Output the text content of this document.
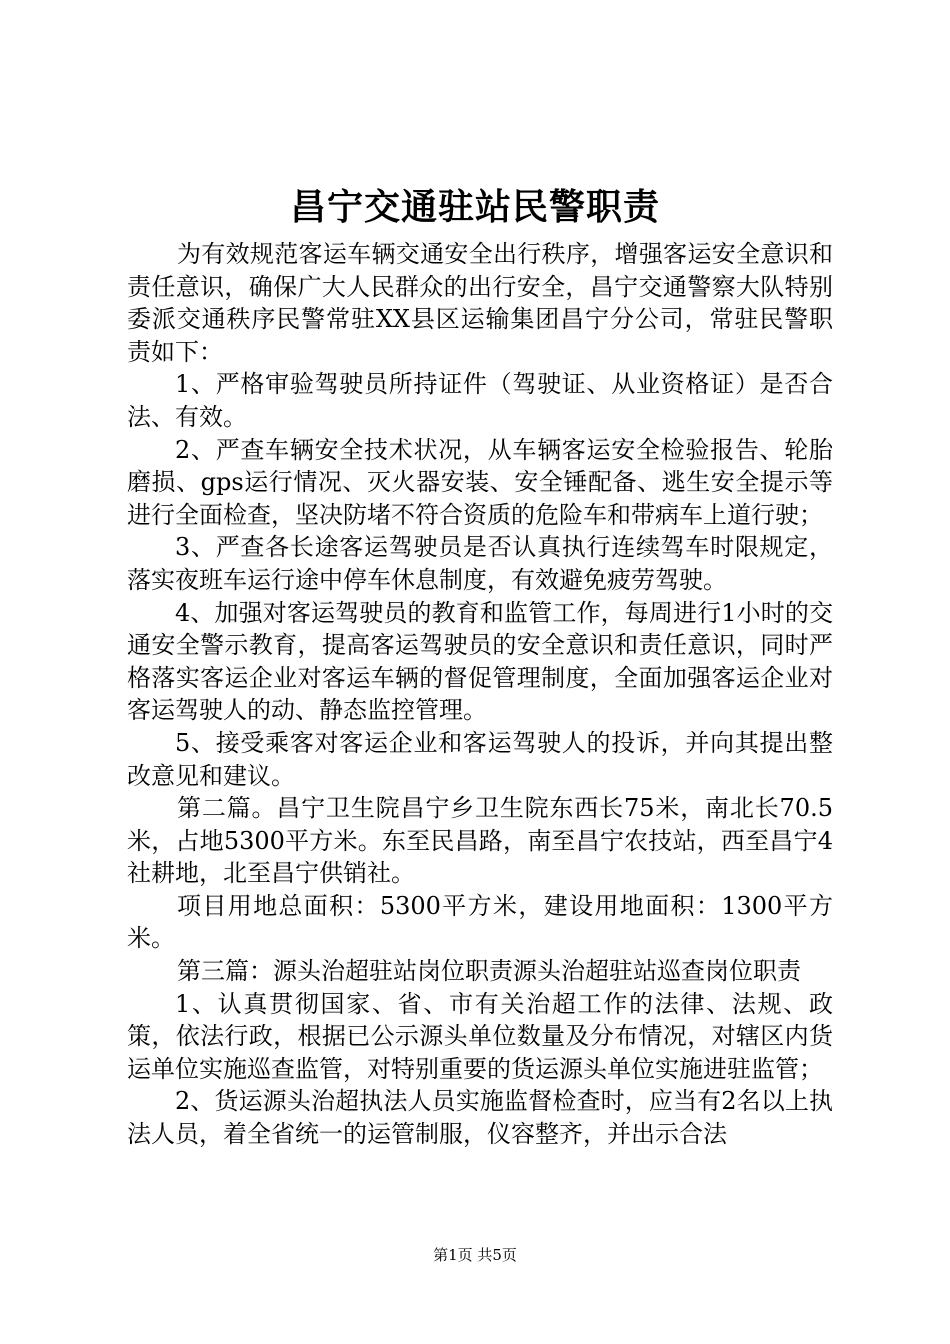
昌宁交通驻站民警职责

为有效规范客运车辆交通安全出行秩序，增强客运安全意识和责任意识，确保广大人民群众的出行安全，昌宁交通警察大队特别委派交通秩序民警常驻XX县区运输集团昌宁分公司，常驻民警职责如下：

1、严格审验驾驶员所持证件（驾驶证、从业资格证）是否合法、有效。

2、严查车辆安全技术状况，从车辆客运安全检验报告、轮胎磨损、gps运行情况、灭火器安装、安全锤配备、逃生安全提示等进行全面检查，坚决防堵不符合资质的危险车和带病车上道行驶；

3、严查各长途客运驾驶员是否认真执行连续驾车时限规定，落实夜班车运行途中停车休息制度，有效避免疲劳驾驶。

4、加强对客运驾驶员的教育和监管工作，每周进行1小时的交通安全警示教育，提高客运驾驶员的安全意识和责任意识，同时严格落实客运企业对客运车辆的督促管理制度，全面加强客运企业对客运驾驶人的动、静态监控管理。

5、接受乘客对客运企业和客运驾驶人的投诉，并向其提出整改意见和建议。

第二篇。昌宁卫生院昌宁乡卫生院东西长75米，南北长70.5米，占地5300平方米。东至民昌路，南至昌宁农技站，西至昌宁4社耕地，北至昌宁供销社。

项目用地总面积：5300平方米，建设用地面积：1300平方米。

第三篇：源头治超驻站岗位职责源头治超驻站巡查岗位职责

1、认真贯彻国家、省、市有关治超工作的法律、法规、政策，依法行政，根据已公示源头单位数量及分布情况，对辖区内货运单位实施巡查监管，对特别重要的货运源头单位实施进驻监管；

2、货运源头治超执法人员实施监督检查时，应当有2名以上执法人员，着全省统一的运管制服，仪容整齐，并出示合法

第1页 共5页
